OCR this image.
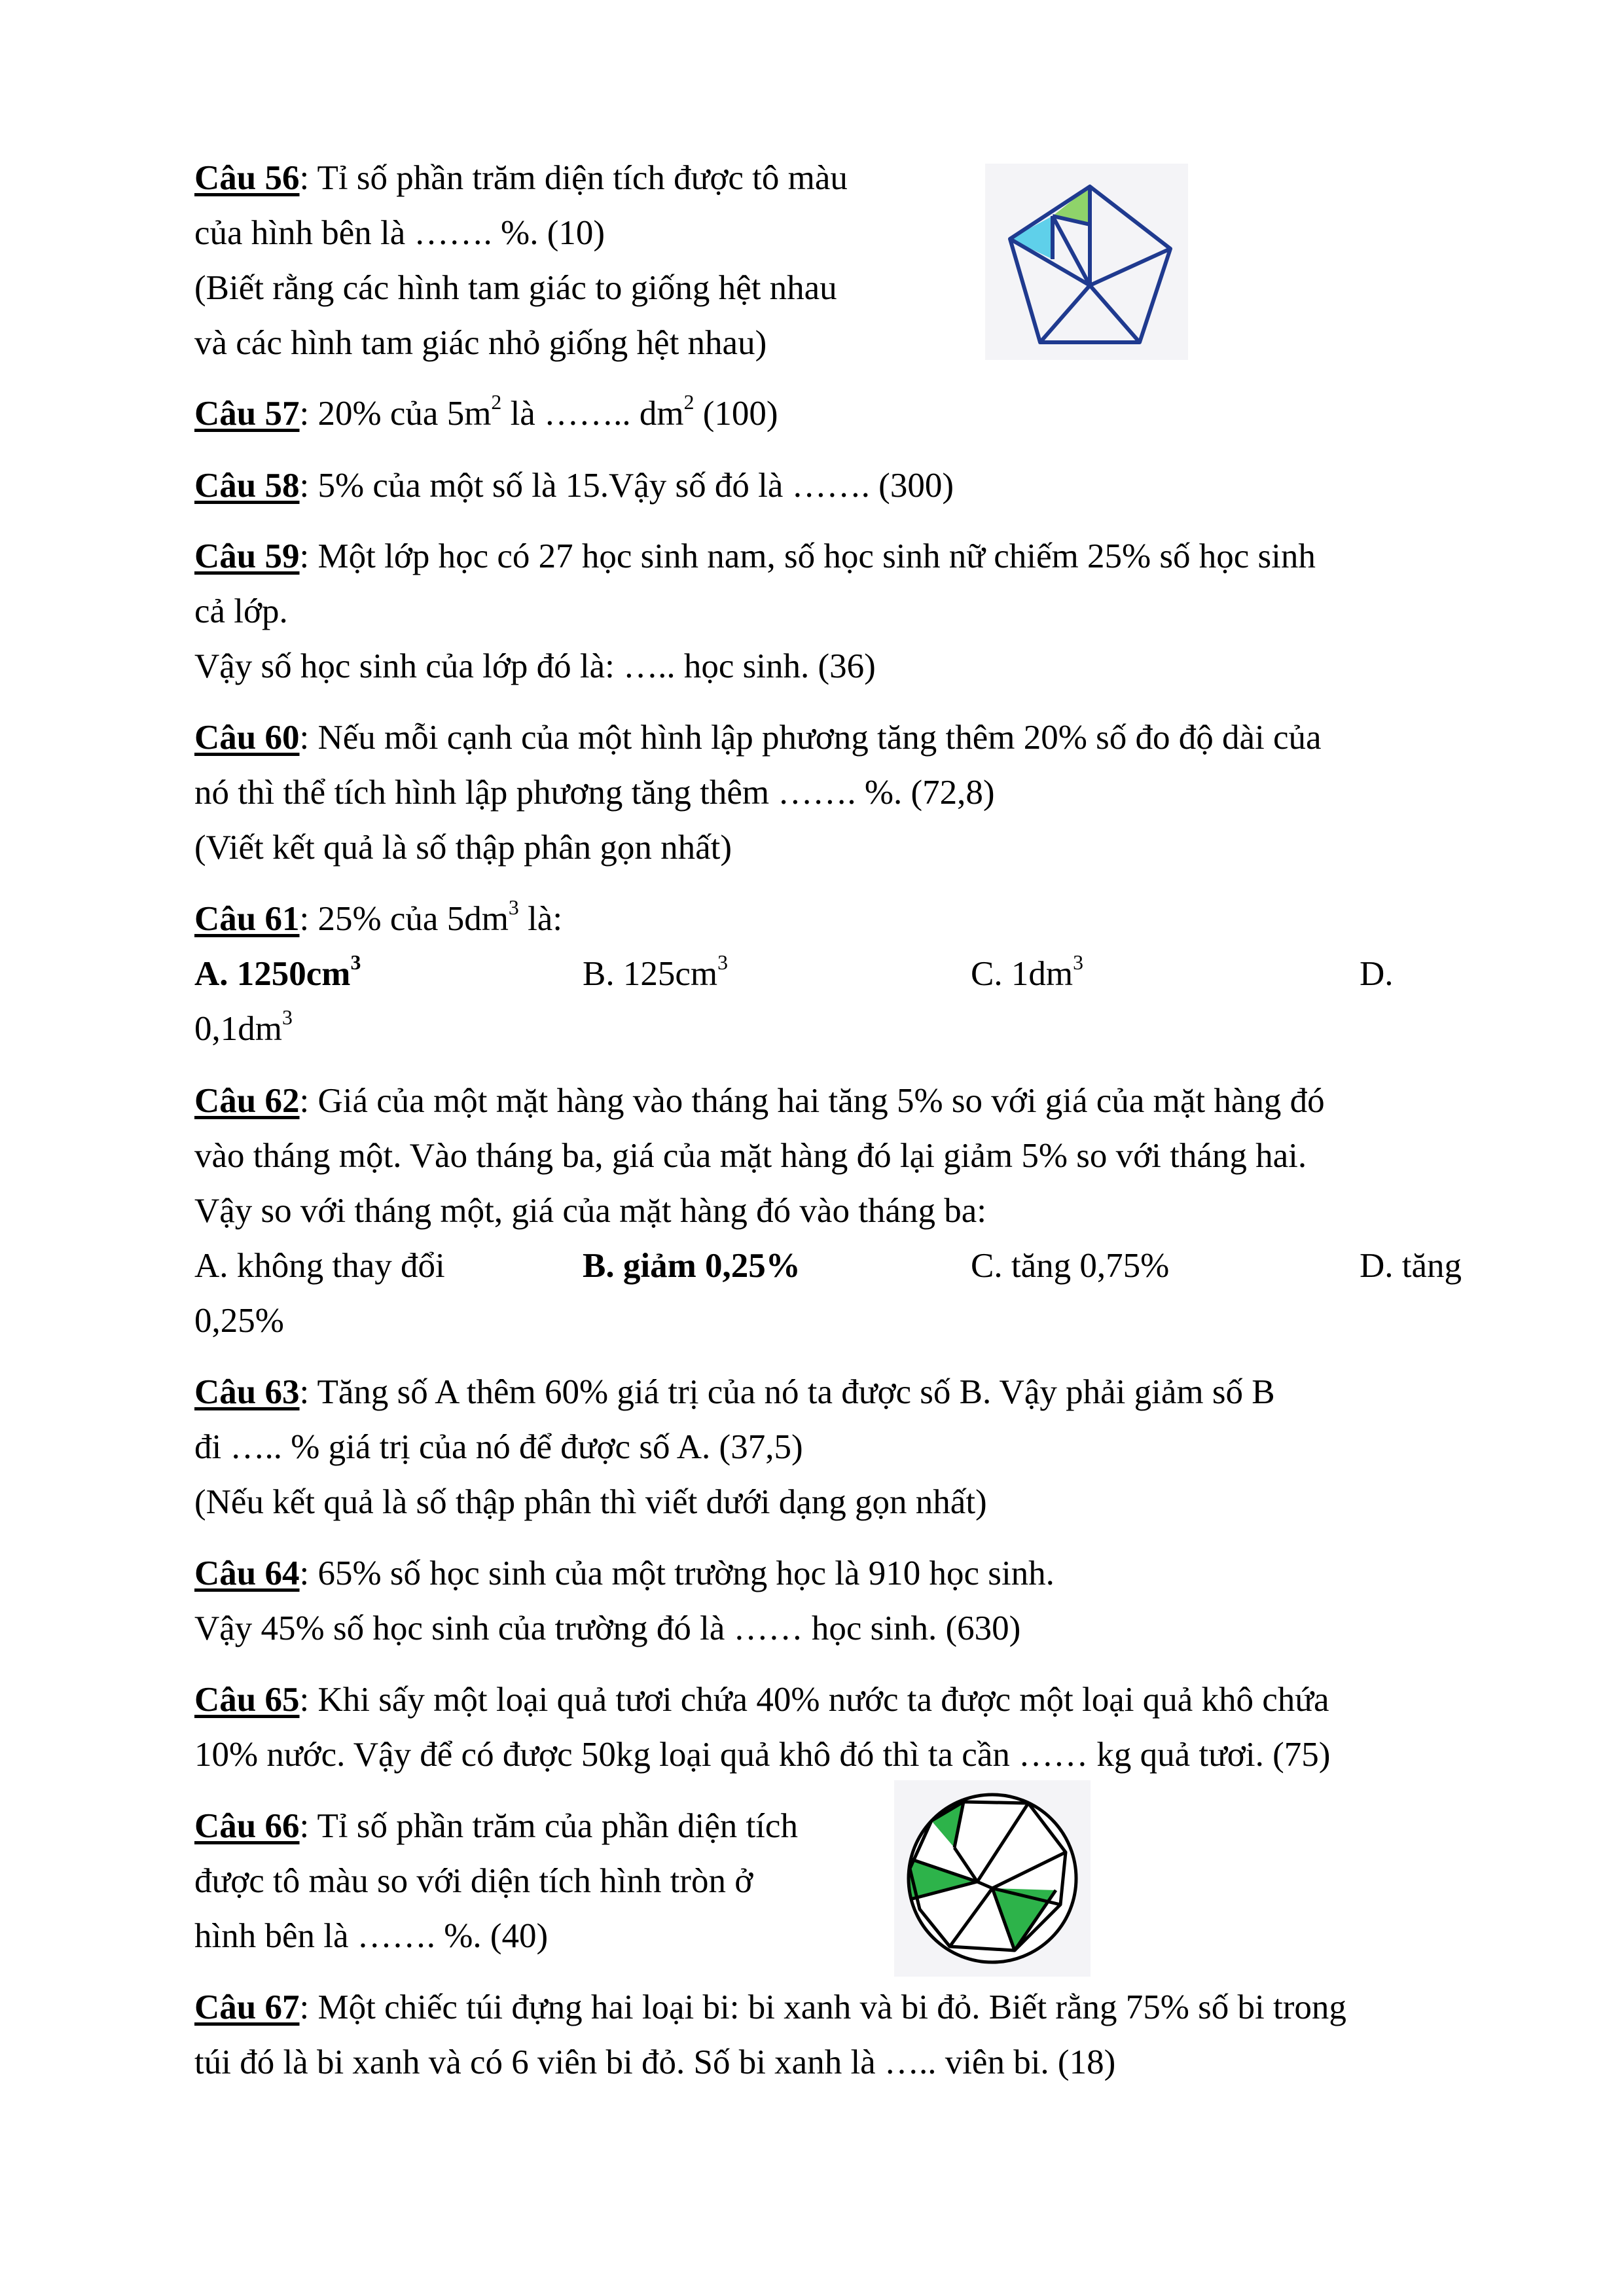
Câu 56: Tỉ số phần trăm diện tích được tô màu
của hình bên là ……. %. (10)
(Biết rằng các hình tam giác to giống hệt nhau
và các hình tam giác nhỏ giống hệt nhau)
Câu 57: 20% của $5m^2$ là …….. $dm^2$ (100)
Câu 58: 5% của một số là 15.Vậy số đó là ……. (300)
Câu 59: Một lớp học có 27 học sinh nam, số học sinh nữ chiếm 25% số học sinh
cả lớp.
Vậy số học sinh của lớp đó là: ….. học sinh. (36)
Câu 60: Nếu mỗi cạnh của một hình lập phương tăng thêm 20% số đo độ dài của
nó thì thể tích hình lập phương tăng thêm ……. %. (72,8)
(Viết kết quả là số thập phân gọn nhất)
Câu 61: 25% của $5dm^3$ là:
A. $1250cm^3$	B. $125cm^3$	C. $1dm^3$	D.
$0,1dm^3$
Câu 62: Giá của một mặt hàng vào tháng hai tăng 5% so với giá của mặt hàng đó
vào tháng một. Vào tháng ba, giá của mặt hàng đó lại giảm 5% so với tháng hai.
Vậy so với tháng một, giá của mặt hàng đó vào tháng ba:
A. không thay đổi	B. giảm 0,25%	C. tăng 0,75%	D. tăng
0,25%
Câu 63: Tăng số A thêm 60% giá trị của nó ta được số B. Vậy phải giảm số B
đi ….. % giá trị của nó để được số A. (37,5)
(Nếu kết quả là số thập phân thì viết dưới dạng gọn nhất)
Câu 64: 65% số học sinh của một trường học là 910 học sinh.
Vậy 45% số học sinh của trường đó là …… học sinh. (630)
Câu 65: Khi sấy một loại quả tươi chứa 40% nước ta được một loại quả khô chứa
10% nước. Vậy để có được 50kg loại quả khô đó thì ta cần …… kg quả tươi. (75)
Câu 66: Tỉ số phần trăm của phần diện tích
được tô màu so với diện tích hình tròn ở
hình bên là ……. %. (40)
Câu 67: Một chiếc túi đựng hai loại bi: bi xanh và bi đỏ. Biết rằng 75% số bi trong
túi đó là bi xanh và có 6 viên bi đỏ. Số bi xanh là ….. viên bi. (18)
